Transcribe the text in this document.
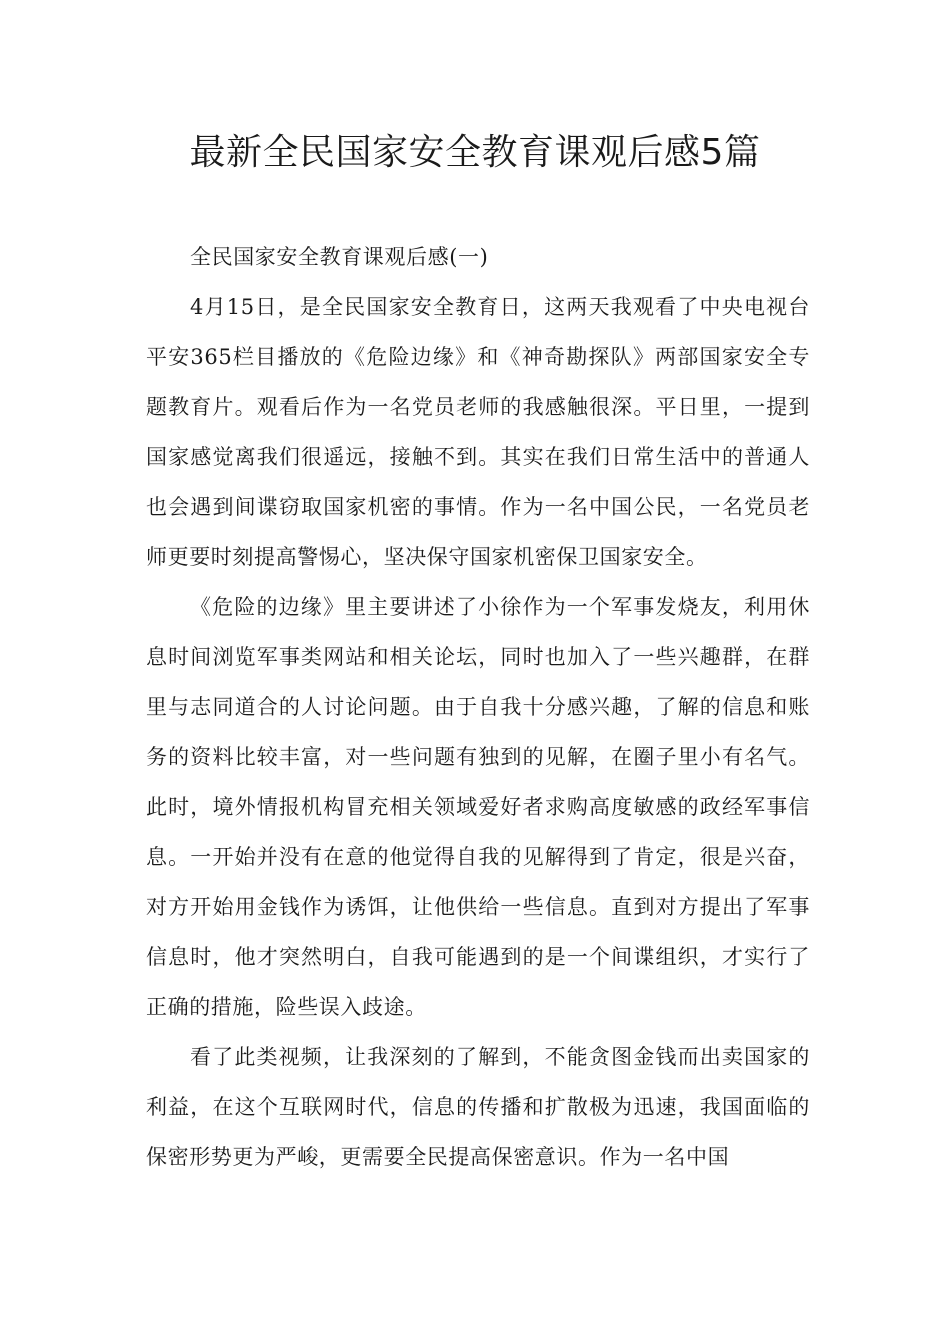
最新全民国家安全教育课观后感5篇

全民国家安全教育课观后感(一)

4月15日，是全民国家安全教育日，这两天我观看了中央电视台平安365栏目播放的《危险边缘》和《神奇勘探队》两部国家安全专题教育片。观看后作为一名党员老师的我感触很深。平日里，一提到国家感觉离我们很遥远，接触不到。其实在我们日常生活中的普通人也会遇到间谍窃取国家机密的事情。作为一名中国公民，一名党员老师更要时刻提高警惕心，坚决保守国家机密保卫国家安全。

《危险的边缘》里主要讲述了小徐作为一个军事发烧友，利用休息时间浏览军事类网站和相关论坛，同时也加入了一些兴趣群，在群里与志同道合的人讨论问题。由于自我十分感兴趣，了解的信息和账务的资料比较丰富，对一些问题有独到的见解，在圈子里小有名气。此时，境外情报机构冒充相关领域爱好者求购高度敏感的政经军事信息。一开始并没有在意的他觉得自我的见解得到了肯定，很是兴奋，对方开始用金钱作为诱饵，让他供给一些信息。直到对方提出了军事信息时，他才突然明白，自我可能遇到的是一个间谍组织，才实行了正确的措施，险些误入歧途。

看了此类视频，让我深刻的了解到，不能贪图金钱而出卖国家的利益，在这个互联网时代，信息的传播和扩散极为迅速，我国面临的保密形势更为严峻，更需要全民提高保密意识。作为一名中国
